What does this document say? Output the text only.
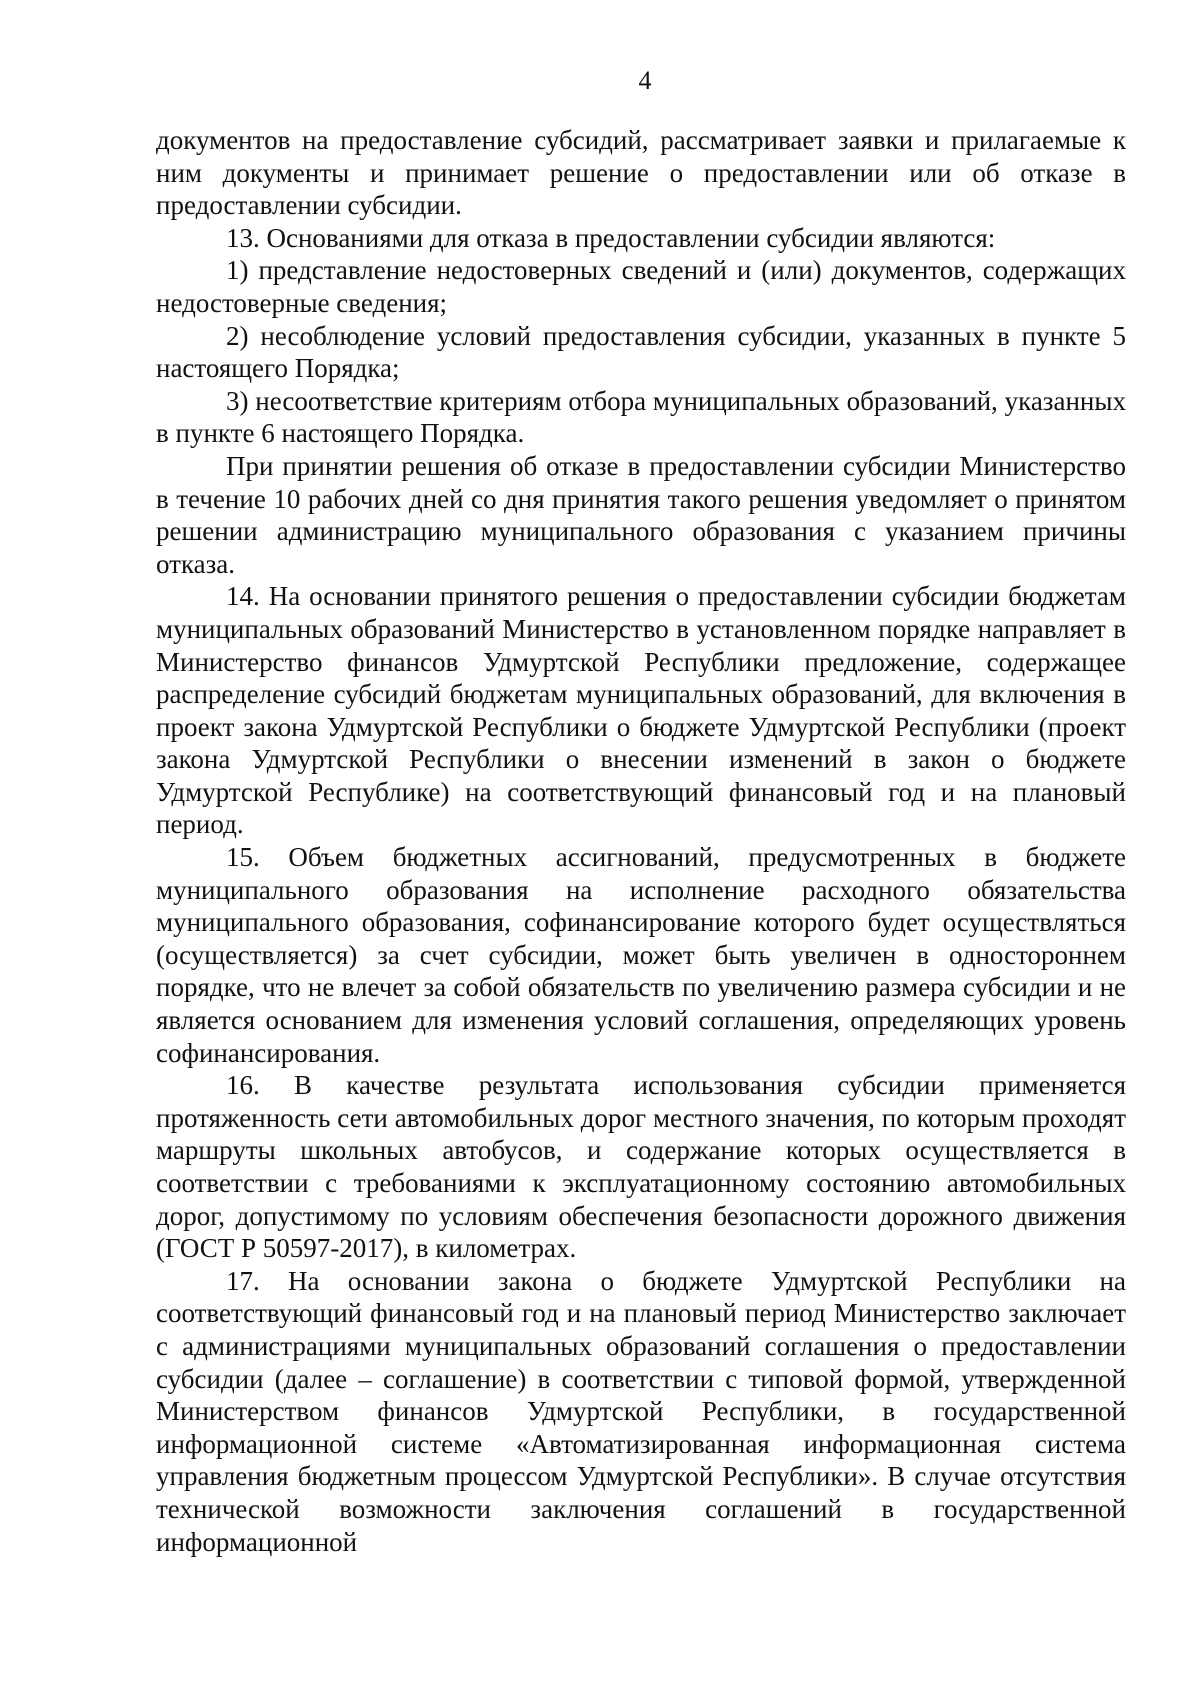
4

документов на предоставление субсидий, рассматривает заявки и прилагаемые к ним документы и принимает решение о предоставлении или об отказе в предоставлении субсидии.

13. Основаниями для отказа в предоставлении субсидии являются:

1) представление недостоверных сведений и (или) документов, содержащих недостоверные сведения;

2) несоблюдение условий предоставления субсидии, указанных в пункте 5 настоящего Порядка;

3) несоответствие критериям отбора муниципальных образований, указанных в пункте 6 настоящего Порядка.

При принятии решения об отказе в предоставлении субсидии Министерство в течение 10 рабочих дней со дня принятия такого решения уведомляет о принятом решении администрацию муниципального образования с указанием причины отказа.

14. На основании принятого решения о предоставлении субсидии бюджетам муниципальных образований Министерство в установленном порядке направляет в Министерство финансов Удмуртской Республики предложение, содержащее распределение субсидий бюджетам муниципальных образований, для включения в проект закона Удмуртской Республики о бюджете Удмуртской Республики (проект закона Удмуртской Республики о внесении изменений в закон о бюджете Удмуртской Республике) на соответствующий финансовый год и на плановый период.

15. Объем бюджетных ассигнований, предусмотренных в бюджете муниципального образования на исполнение расходного обязательства муниципального образования, софинансирование которого будет осуществляться (осуществляется) за счет субсидии, может быть увеличен в одностороннем порядке, что не влечет за собой обязательств по увеличению размера субсидии и не является основанием для изменения условий соглашения, определяющих уровень софинансирования.

16. В качестве результата использования субсидии применяется протяженность сети автомобильных дорог местного значения, по которым проходят маршруты школьных автобусов, и содержание которых осуществляется в соответствии с требованиями к эксплуатационному состоянию автомобильных дорог, допустимому по условиям обеспечения безопасности дорожного движения (ГОСТ Р 50597-2017), в километрах.

17. На основании закона о бюджете Удмуртской Республики на соответствующий финансовый год и на плановый период Министерство заключает с администрациями муниципальных образований соглашения о предоставлении субсидии (далее – соглашение) в соответствии с типовой формой, утвержденной Министерством финансов Удмуртской Республики, в государственной информационной системе «Автоматизированная информационная система управления бюджетным процессом Удмуртской Республики». В случае отсутствия технической возможности заключения соглашений в государственной информационной
